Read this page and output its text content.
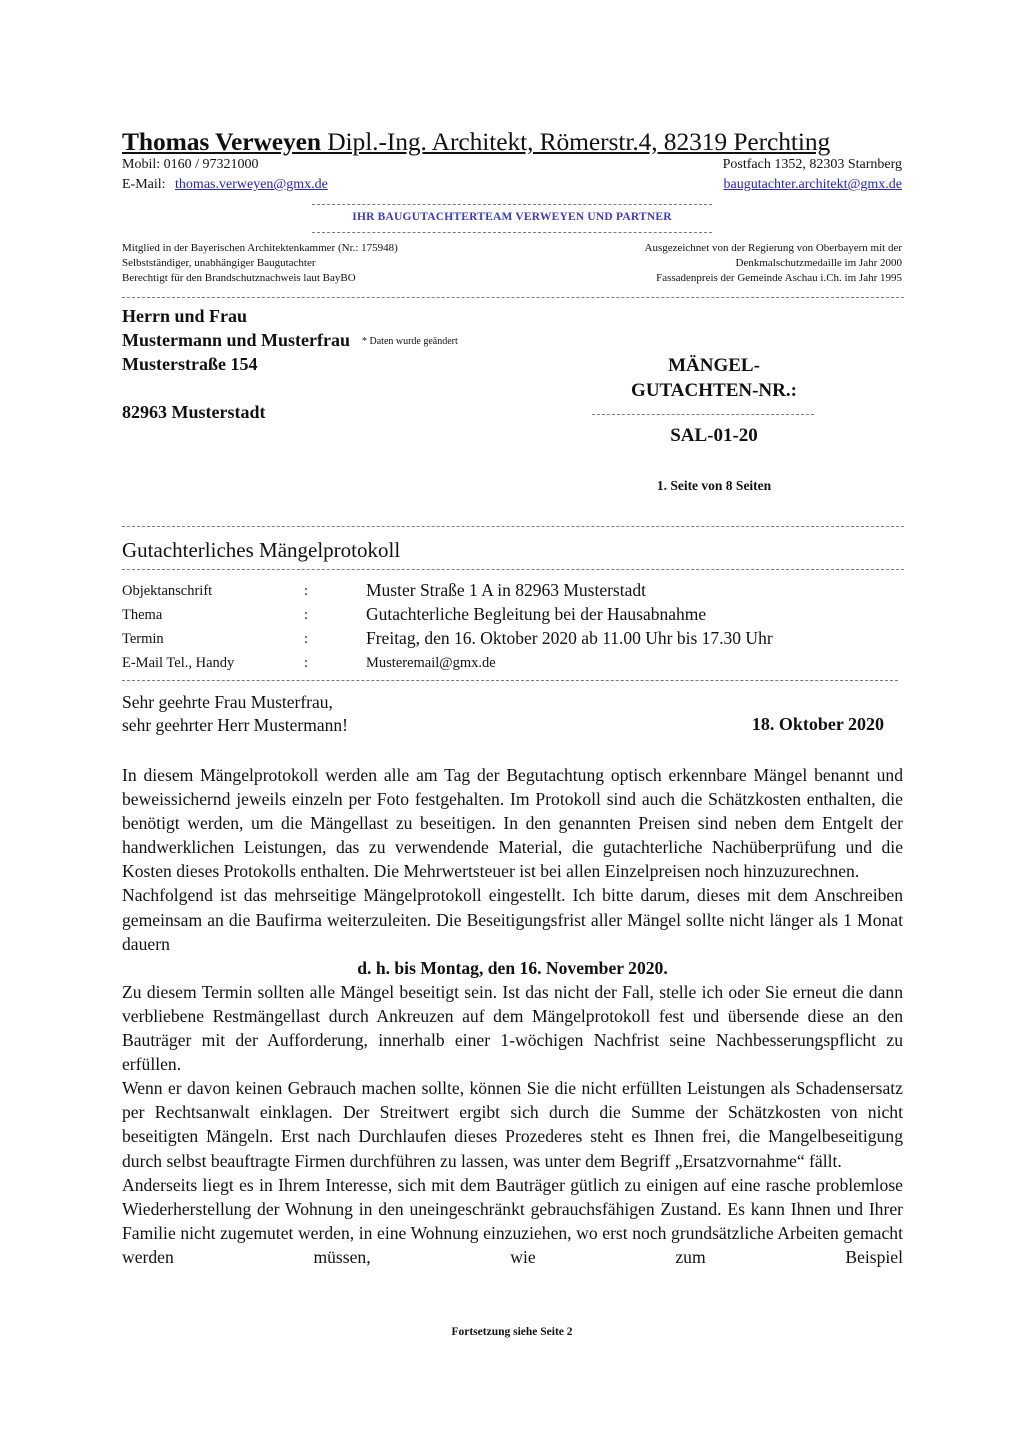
Thomas Verweyen Dipl.-Ing. Architekt, Römerstr.4, 82319 Perchting
Mobil: 0160 / 97321000	Postfach 1352, 82303 Starnberg
E-Mail: thomas.verweyen@gmx.de	baugutachter.architekt@gmx.de
IHR BAUGUTACHTERTEAM VERWEYEN UND PARTNER
Mitglied in der Bayerischen Architektenkammer (Nr.: 175948)
Selbstständiger, unabhängiger Baugutachter
Berechtigt für den Brandschutznachweis laut BayBO
Ausgezeichnet von der Regierung von Oberbayern mit der
Denkmalschutzmedaille im Jahr 2000
Fassadenpreis der Gemeinde Aschau i.Ch. im Jahr 1995
Herrn und Frau
Mustermann und Musterfrau * Daten wurde geändert
Musterstraße 154
82963 Musterstadt
MÄNGEL-
GUTACHTEN-NR.:
SAL-01-20
1. Seite von 8 Seiten
Gutachterliches Mängelprotokoll
Objektanschrift	:	Muster Straße 1 A in 82963 Musterstadt
Thema	:	Gutachterliche Begleitung bei der Hausabnahme
Termin	:	Freitag, den 16. Oktober 2020 ab 11.00 Uhr bis 17.30 Uhr
E-Mail Tel., Handy	:	Musteremail@gmx.de
Sehr geehrte Frau Musterfrau,
sehr geehrter Herr Mustermann!	18. Oktober 2020

In diesem Mängelprotokoll werden alle am Tag der Begutachtung optisch erkennbare Mängel benannt und beweissichernd jeweils einzeln per Foto festgehalten. Im Protokoll sind auch die Schätzkosten enthalten, die benötigt werden, um die Mängellast zu beseitigen. In den genannten Preisen sind neben dem Entgelt der handwerklichen Leistungen, das zu verwendende Material, die gutachterliche Nachüberprüfung und die Kosten dieses Protokolls enthalten. Die Mehrwertsteuer ist bei allen Einzelpreisen noch hinzuzurechnen.

Nachfolgend ist das mehrseitige Mängelprotokoll eingestellt. Ich bitte darum, dieses mit dem Anschreiben gemeinsam an die Baufirma weiterzuleiten. Die Beseitigungsfrist aller Mängel sollte nicht länger als 1 Monat dauern

d. h. bis Montag, den 16. November 2020.

Zu diesem Termin sollten alle Mängel beseitigt sein. Ist das nicht der Fall, stelle ich oder Sie erneut die dann verbliebene Restmängellast durch Ankreuzen auf dem Mängelprotokoll fest und übersende diese an den Bauträger mit der Aufforderung, innerhalb einer 1-wöchigen Nachfrist seine Nachbesserungspflicht zu erfüllen.

Wenn er davon keinen Gebrauch machen sollte, können Sie die nicht erfüllten Leistungen als Schadensersatz per Rechtsanwalt einklagen. Der Streitwert ergibt sich durch die Summe der Schätzkosten von nicht beseitigten Mängeln. Erst nach Durchlaufen dieses Prozederes steht es Ihnen frei, die Mangelbeseitigung durch selbst beauftragte Firmen durchführen zu lassen, was unter dem Begriff „Ersatzvornahme“ fällt.

Anderseits liegt es in Ihrem Interesse, sich mit dem Bauträger gütlich zu einigen auf eine rasche problemlose Wiederherstellung der Wohnung in den uneingeschränkt gebrauchsfähigen Zustand. Es kann Ihnen und Ihrer Familie nicht zugemutet werden, in eine Wohnung einzuziehen, wo erst noch grundsätzliche Arbeiten gemacht werden müssen, wie zum Beispiel

Fortsetzung siehe Seite 2
